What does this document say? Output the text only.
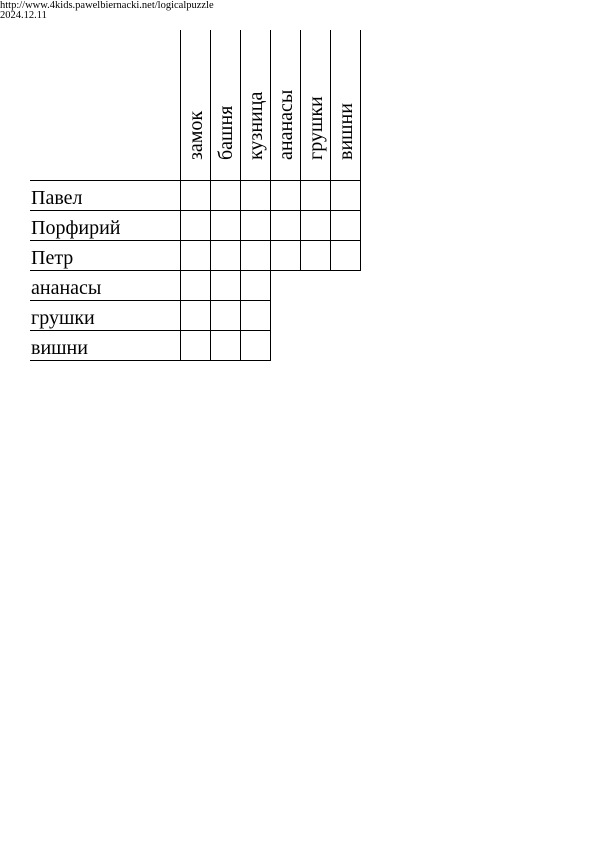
http://www.4kids.pawelbiernacki.net/logicalpuzzle
2024.12.11
замок башня кузница ананасы грушки вишни
Павел
Порфирий
Петр
ананасы
грушки
вишни
